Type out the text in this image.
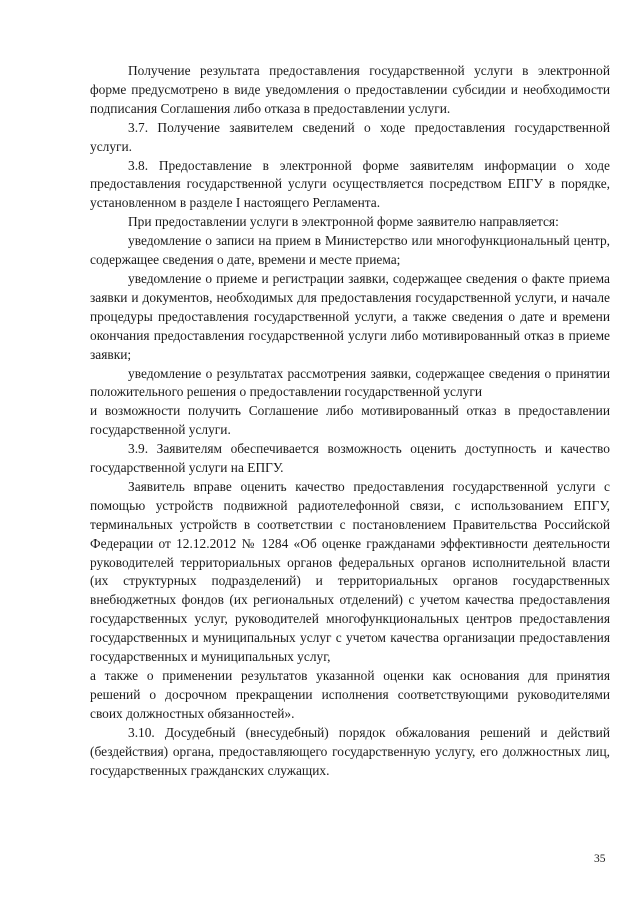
Получение результата предоставления государственной услуги в электронной форме предусмотрено в виде уведомления о предоставлении субсидии и необходимости подписания Соглашения либо отказа в предоставлении услуги.

3.7. Получение заявителем сведений о ходе предоставления государственной услуги.

3.8. Предоставление в электронной форме заявителям информации о ходе предоставления государственной услуги осуществляется посредством ЕПГУ в порядке, установленном в разделе I настоящего Регламента.

При предоставлении услуги в электронной форме заявителю направляется:

уведомление о записи на прием в Министерство или многофункциональный центр, содержащее сведения о дате, времени и месте приема;

уведомление о приеме и регистрации заявки, содержащее сведения о факте приема заявки и документов, необходимых для предоставления государственной услуги, и начале процедуры предоставления государственной услуги, а также сведения о дате и времени окончания предоставления государственной услуги либо мотивированный отказ в приеме заявки;

уведомление о результатах рассмотрения заявки, содержащее сведения о принятии положительного решения о предоставлении государственной услуги

и возможности получить Соглашение либо мотивированный отказ в предоставлении государственной услуги.

3.9. Заявителям обеспечивается возможность оценить доступность и качество государственной услуги на ЕПГУ.

Заявитель вправе оценить качество предоставления государственной услуги с помощью устройств подвижной радиотелефонной связи, с использованием ЕПГУ, терминальных устройств в соответствии с постановлением Правительства Российской Федерации от 12.12.2012 № 1284 «Об оценке гражданами эффективности деятельности руководителей территориальных органов федеральных органов исполнительной власти (их структурных подразделений) и территориальных органов государственных внебюджетных фондов (их региональных отделений) с учетом качества предоставления государственных услуг, руководителей многофункциональных центров предоставления государственных и муниципальных услуг с учетом качества организации предоставления государственных и муниципальных услуг,

а также о применении результатов указанной оценки как основания для принятия решений о досрочном прекращении исполнения соответствующими руководителями своих должностных обязанностей».

3.10. Досудебный (внесудебный) порядок обжалования решений и действий (бездействия) органа, предоставляющего государственную услугу, его должностных лиц, государственных гражданских служащих.

35
